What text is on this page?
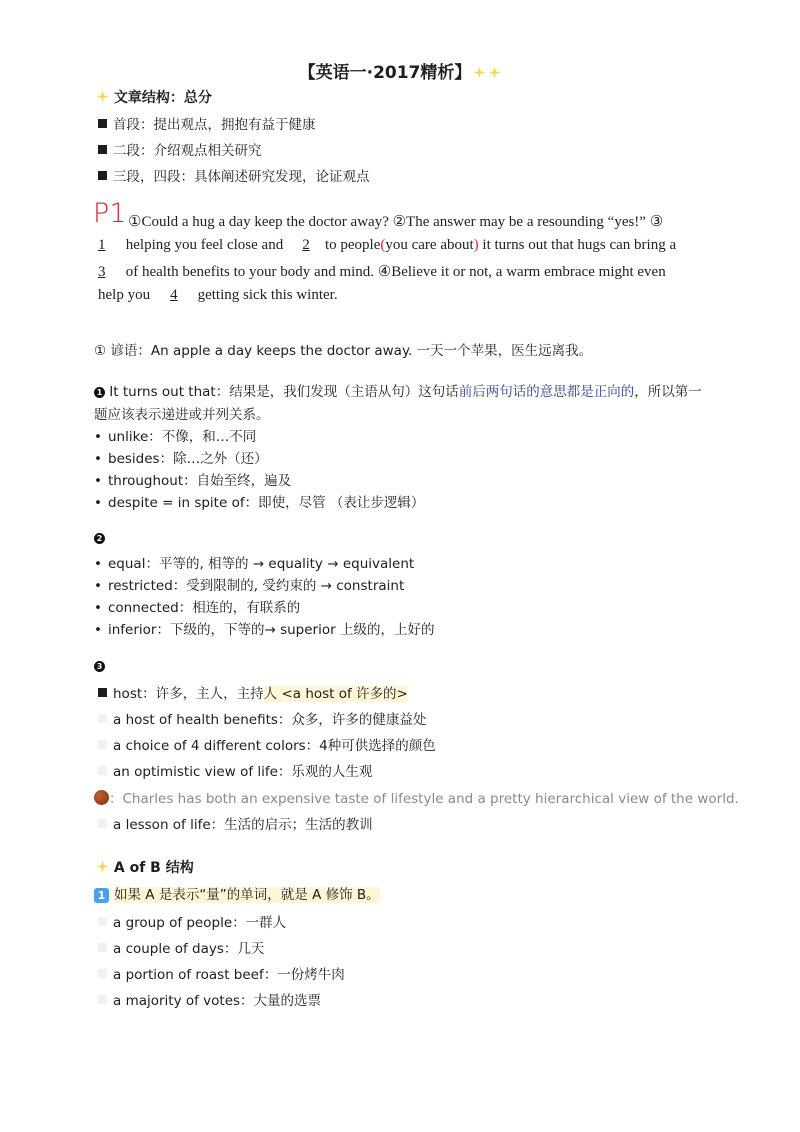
【英语一·2017精析】
文章结构：总分
首段：提出观点，拥抱有益于健康
二段：介绍观点相关研究
三段，四段：具体阐述研究发现，论证观点
P1 ①Could a hug a day keep the doctor away? ②The answer may be a resounding “yes!” ③
1 helping you feel close and 2 to people(you care about) it turns out that hugs can bring a
3 of health benefits to your body and mind. ④Believe it or not, a warm embrace might even
help you 4 getting sick this winter.
① 谚语：An apple a day keeps the doctor away. 一天一个苹果，医生远离我。
1 It turns out that：结果是，我们发现（主语从句）这句话前后两句话的意思都是正向的，所以第一
题应该表示递进或并列关系。
• unlike：不像，和…不同
• besides：除…之外（还）
• throughout：自始至终，遍及
• despite = in spite of：即使，尽管 （表让步逻辑）
2
• equal：平等的, 相等的 → equality → equivalent
• restricted：受到限制的, 受约束的 → constraint
• connected：相连的，有联系的
• inferior：下级的，下等的→ superior 上级的，上好的
3
host：许多，主人，主持人 <a host of 许多的>
a host of health benefits：众多，许多的健康益处
a choice of 4 different colors：4种可供选择的颜色
an optimistic view of life：乐观的人生观
：Charles has both an expensive taste of lifestyle and a pretty hierarchical view of the world.
a lesson of life：生活的启示；生活的教训
A of B 结构
1 如果 A 是表示“量”的单词，就是 A 修饰 B。
a group of people：一群人
a couple of days：几天
a portion of roast beef：一份烤牛肉
a majority of votes：大量的选票
